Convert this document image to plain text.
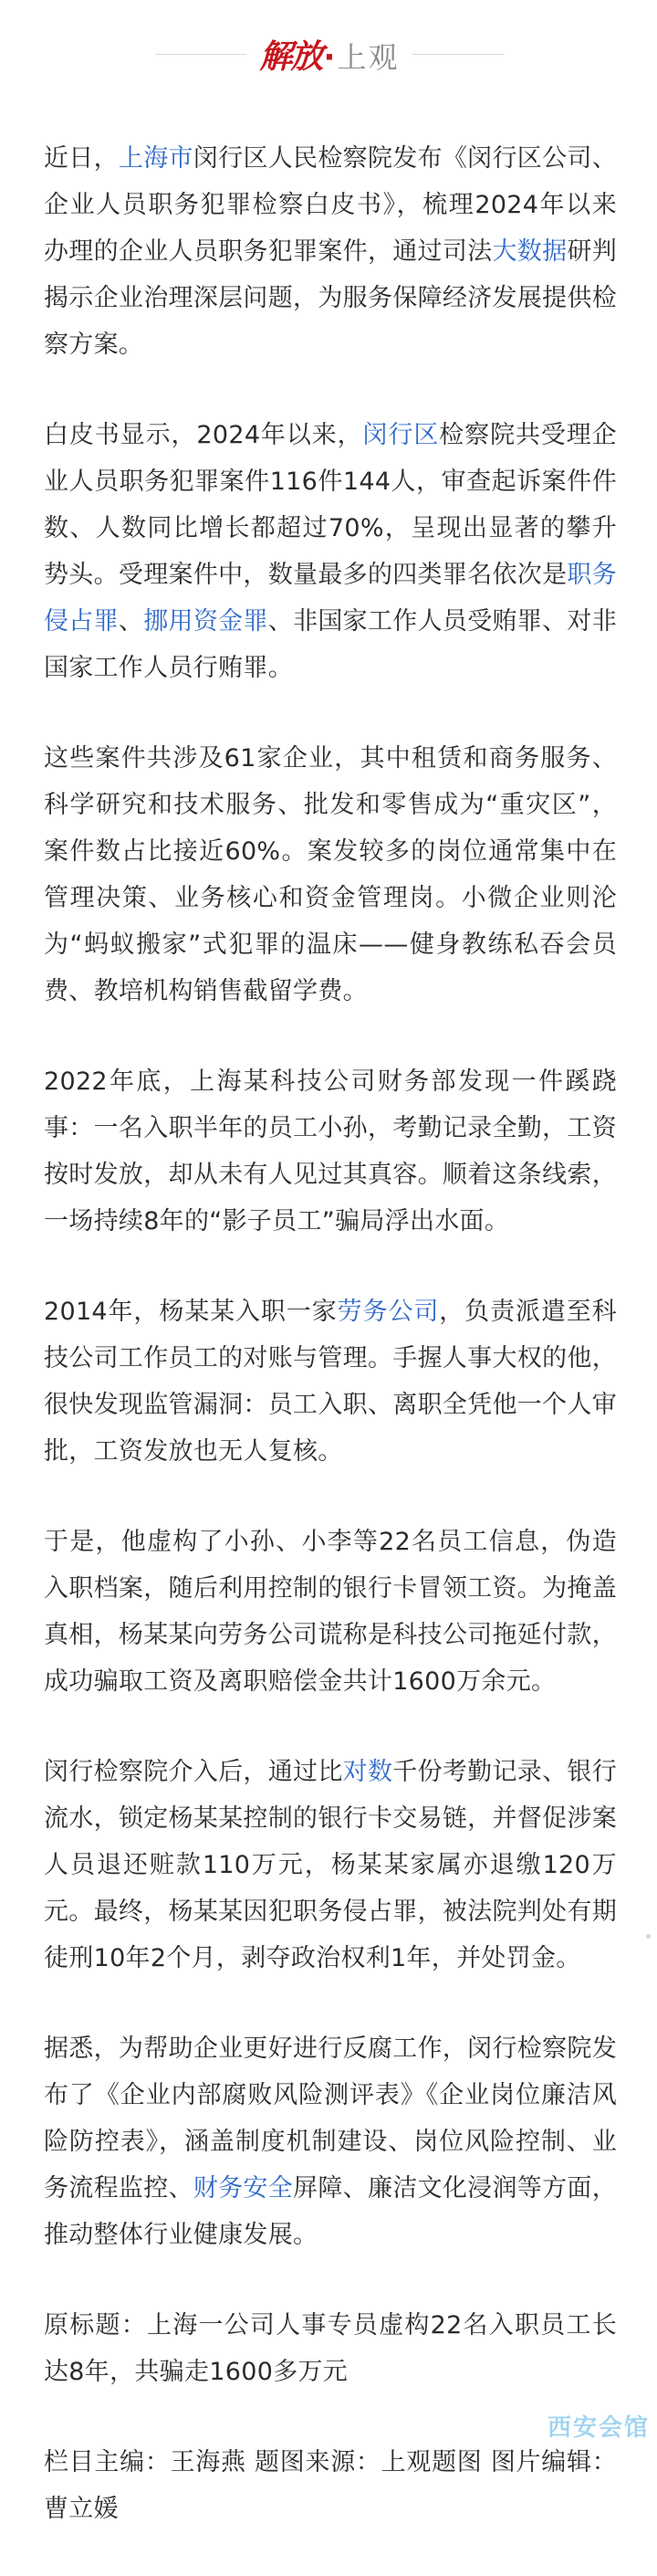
解放·上观

近日，上海市闵行区人民检察院发布《闵行区公司、企业人员职务犯罪检察白皮书》，梳理2024年以来办理的企业人员职务犯罪案件，通过司法大数据研判揭示企业治理深层问题，为服务保障经济发展提供检察方案。

白皮书显示，2024年以来，闵行区检察院共受理企业人员职务犯罪案件116件144人，审查起诉案件件数、人数同比增长都超过70%，呈现出显著的攀升势头。受理案件中，数量最多的四类罪名依次是职务侵占罪、挪用资金罪、非国家工作人员受贿罪、对非国家工作人员行贿罪。

这些案件共涉及61家企业，其中租赁和商务服务、科学研究和技术服务、批发和零售成为“重灾区”，案件数占比接近60%。案发较多的岗位通常集中在管理决策、业务核心和资金管理岗。小微企业则沦为“蚂蚁搬家”式犯罪的温床——健身教练私吞会员费、教培机构销售截留学费。

2022年底，上海某科技公司财务部发现一件蹊跷事：一名入职半年的员工小孙，考勤记录全勤，工资按时发放，却从未有人见过其真容。顺着这条线索，一场持续8年的“影子员工”骗局浮出水面。

2014年，杨某某入职一家劳务公司，负责派遣至科技公司工作员工的对账与管理。手握人事大权的他，很快发现监管漏洞：员工入职、离职全凭他一个人审批，工资发放也无人复核。

于是，他虚构了小孙、小李等22名员工信息，伪造入职档案，随后利用控制的银行卡冒领工资。为掩盖真相，杨某某向劳务公司谎称是科技公司拖延付款，成功骗取工资及离职赔偿金共计1600万余元。

闵行检察院介入后，通过比对数千份考勤记录、银行流水，锁定杨某某控制的银行卡交易链，并督促涉案人员退还赃款110万元，杨某某家属亦退缴120万元。最终，杨某某因犯职务侵占罪，被法院判处有期徒刑10年2个月，剥夺政治权利1年，并处罚金。

据悉，为帮助企业更好进行反腐工作，闵行检察院发布了《企业内部腐败风险测评表》《企业岗位廉洁风险防控表》，涵盖制度机制建设、岗位风险控制、业务流程监控、财务安全屏障、廉洁文化浸润等方面，推动整体行业健康发展。

原标题：上海一公司人事专员虚构22名入职员工长达8年，共骗走1600多万元

栏目主编：王海燕 题图来源：上观题图 图片编辑：曹立媛

西安会馆
